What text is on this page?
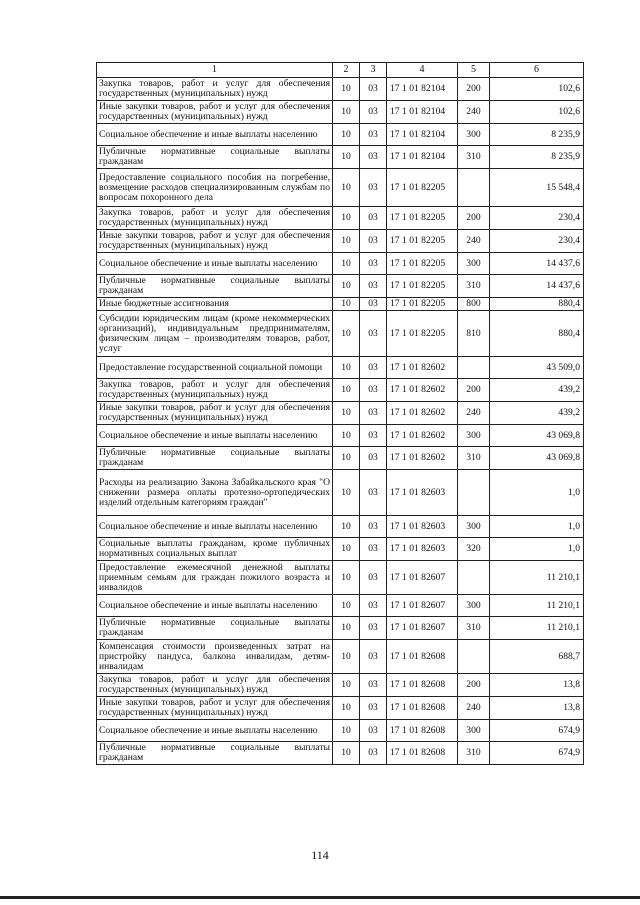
1	2	3	4	5	6
Закупка товаров, работ и услуг для обеспечения государственных (муниципальных) нужд	10	03	17 1 01 82104	200	102,6
Иные закупки товаров, работ и услуг для обеспечения государственных (муниципальных) нужд	10	03	17 1 01 82104	240	102,6
Социальное обеспечение и иные выплаты населению	10	03	17 1 01 82104	300	8 235,9
Публичные нормативные социальные выплаты гражданам	10	03	17 1 01 82104	310	8 235,9
Предоставление социального пособия на погребение, возмещение расходов специализированным службам по вопросам похоронного дела	10	03	17 1 01 82205		15 548,4
Закупка товаров, работ и услуг для обеспечения государственных (муниципальных) нужд	10	03	17 1 01 82205	200	230,4
Иные закупки товаров, работ и услуг для обеспечения государственных (муниципальных) нужд	10	03	17 1 01 82205	240	230,4
Социальное обеспечение и иные выплаты населению	10	03	17 1 01 82205	300	14 437,6
Публичные нормативные социальные выплаты гражданам	10	03	17 1 01 82205	310	14 437,6
Иные бюджетные ассигнования	10	03	17 1 01 82205	800	880,4
Субсидии юридическим лицам (кроме некоммерческих организаций), индивидуальным предпринимателям, физическим лицам – производителям товаров, работ, услуг	10	03	17 1 01 82205	810	880,4
Предоставление государственной социальной помощи	10	03	17 1 01 82602		43 509,0
Закупка товаров, работ и услуг для обеспечения государственных (муниципальных) нужд	10	03	17 1 01 82602	200	439,2
Иные закупки товаров, работ и услуг для обеспечения государственных (муниципальных) нужд	10	03	17 1 01 82602	240	439,2
Социальное обеспечение и иные выплаты населению	10	03	17 1 01 82602	300	43 069,8
Публичные нормативные социальные выплаты гражданам	10	03	17 1 01 82602	310	43 069,8
Расходы на реализацию Закона Забайкальского края "О снижении размера оплаты протезно-ортопедических изделий отдельным категориям граждан"	10	03	17 1 01 82603		1,0
Социальное обеспечение и иные выплаты населению	10	03	17 1 01 82603	300	1,0
Социальные выплаты гражданам, кроме публичных нормативных социальных выплат	10	03	17 1 01 82603	320	1,0
Предоставление ежемесячной денежной выплаты приемным семьям для граждан пожилого возраста и инвалидов	10	03	17 1 01 82607		11 210,1
Социальное обеспечение и иные выплаты населению	10	03	17 1 01 82607	300	11 210,1
Публичные нормативные социальные выплаты гражданам	10	03	17 1 01 82607	310	11 210,1
Компенсация стоимости произведенных затрат на пристройку пандуса, балкона инвалидам, детям-инвалидам	10	03	17 1 01 82608		688,7
Закупка товаров, работ и услуг для обеспечения государственных (муниципальных) нужд	10	03	17 1 01 82608	200	13,8
Иные закупки товаров, работ и услуг для обеспечения государственных (муниципальных) нужд	10	03	17 1 01 82608	240	13,8
Социальное обеспечение и иные выплаты населению	10	03	17 1 01 82608	300	674,9
Публичные нормативные социальные выплаты гражданам	10	03	17 1 01 82608	310	674,9
114
